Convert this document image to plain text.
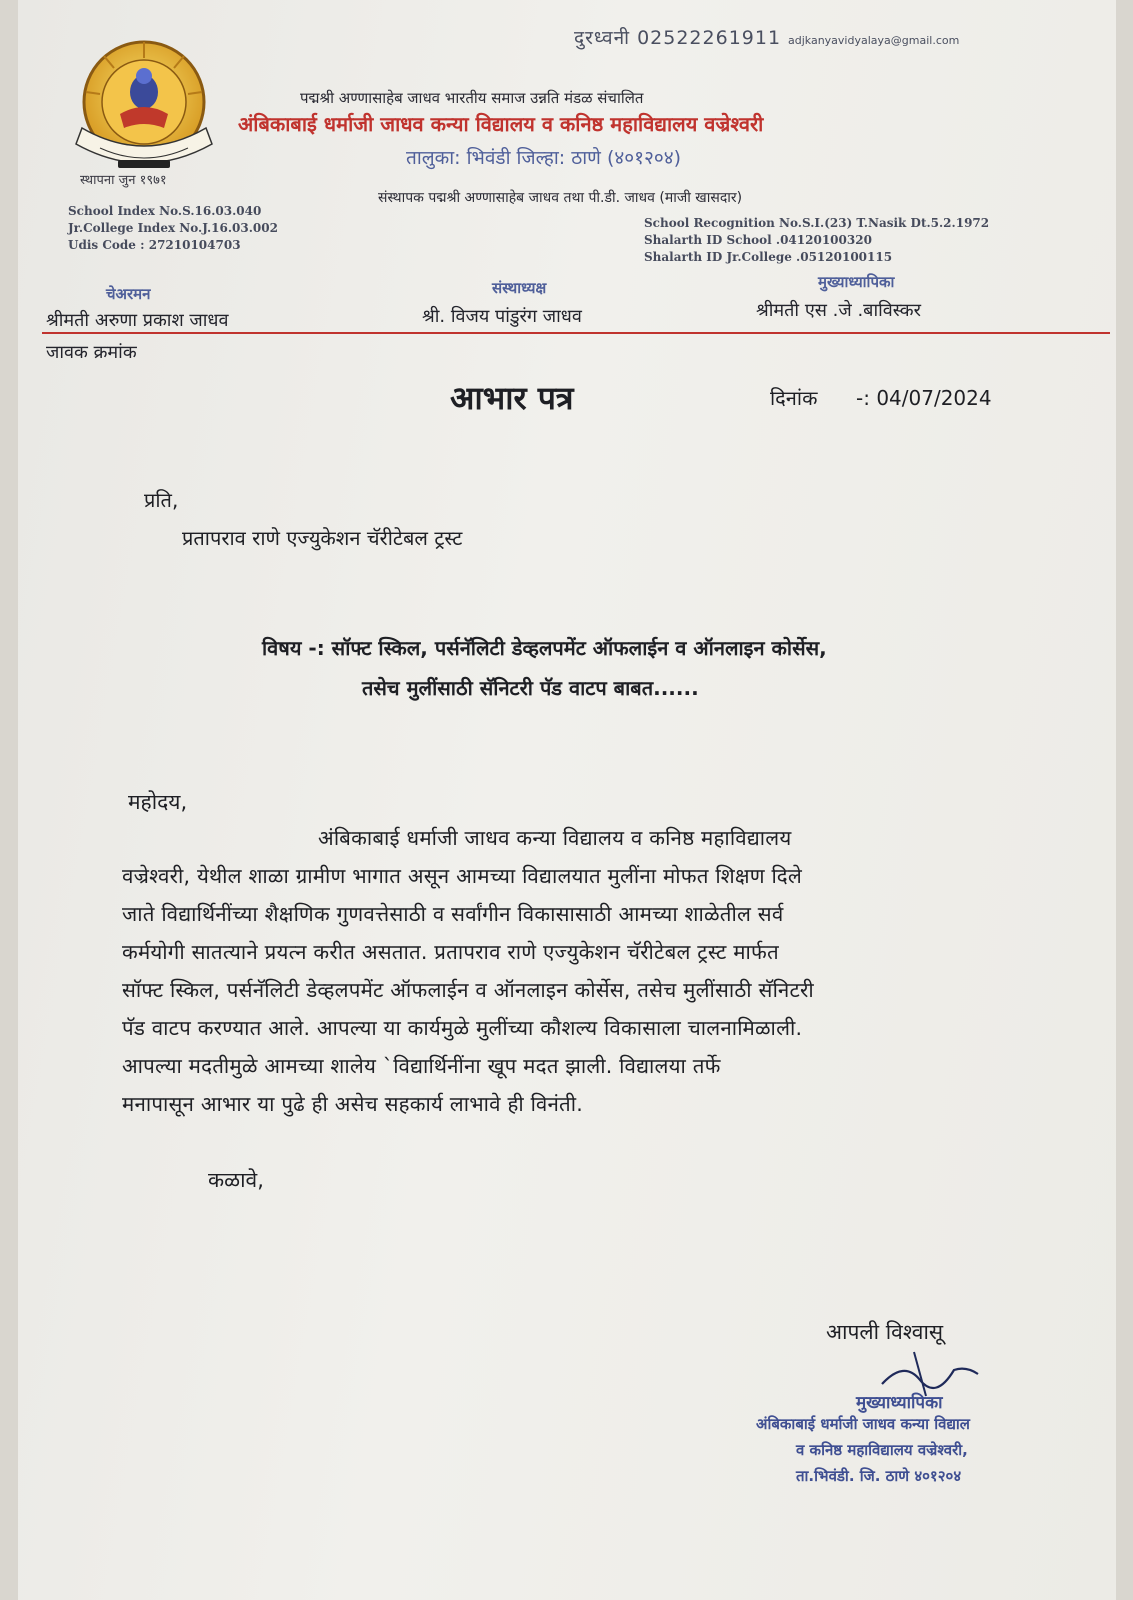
स्थापना जुन १९७१
दुरध्वनी 02522261911 adjkanyavidyalaya@gmail.com
पद्मश्री अण्णासाहेब जाधव भारतीय समाज उन्नति मंडळ संचालित
अंबिकाबाई धर्माजी जाधव कन्या विद्यालय व कनिष्ठ महाविद्यालय वज्रेश्वरी
तालुका: भिवंडी जिल्हा: ठाणे (४०१२०४)
संस्थापक पद्मश्री अण्णासाहेब जाधव तथा पी.डी. जाधव (माजी खासदार)
School Index No.S.16.03.040
Jr.College Index No.J.16.03.002
Udis Code : 27210104703
School Recognition No.S.I.(23) T.Nasik Dt.5.2.1972
Shalarth ID School .04120100320
Shalarth ID Jr.College .05120100115
चेअरमन
श्रीमती अरुणा प्रकाश जाधव
संस्थाध्यक्ष
श्री. विजय पांडुरंग जाधव
मुख्याध्यापिका
श्रीमती एस .जे .बाविस्कर
जावक क्रमांक
आभार पत्र	दिनांक -: 04/07/2024
प्रति,
प्रतापराव राणे एज्युकेशन चॅरीटेबल ट्रस्ट
विषय -: सॉफ्ट स्किल, पर्सनॅलिटी डेव्हलपमेंट ऑफलाईन व ऑनलाइन कोर्सेस,
तसेच मुलींसाठी सॅनिटरी पॅड वाटप बाबत......
महोदय,
अंबिकाबाई धर्माजी जाधव कन्या विद्यालय व कनिष्ठ महाविद्यालय
वज्रेश्वरी, येथील शाळा ग्रामीण भागात असून आमच्या विद्यालयात मुलींना मोफत शिक्षण दिले
जाते विद्यार्थिनींच्या शैक्षणिक गुणवत्तेसाठी व सर्वांगीन विकासासाठी आमच्या शाळेतील सर्व
कर्मयोगी सातत्याने प्रयत्न करीत असतात. प्रतापराव राणे एज्युकेशन चॅरीटेबल ट्रस्ट मार्फत
सॉफ्ट स्किल, पर्सनॅलिटी डेव्हलपमेंट ऑफलाईन व ऑनलाइन कोर्सेस, तसेच मुलींसाठी सॅनिटरी
पॅड वाटप करण्यात आले. आपल्या या कार्यमुळे मुलींच्या कौशल्य विकासाला चालनामिळाली.
आपल्या मदतीमुळे आमच्या शालेय `विद्यार्थिनींना खूप मदत झाली. विद्यालया तर्फे
मनापासून आभार या पुढे ही असेच सहकार्य लाभावे ही विनंती.
कळावे,
आपली विश्वासू
मुख्याध्यापिका
अंबिकाबाई धर्माजी जाधव कन्या विद्याल
व कनिष्ठ महाविद्यालय वज्रेश्वरी,
ता.भिवंडी. जि. ठाणे ४०१२०४
